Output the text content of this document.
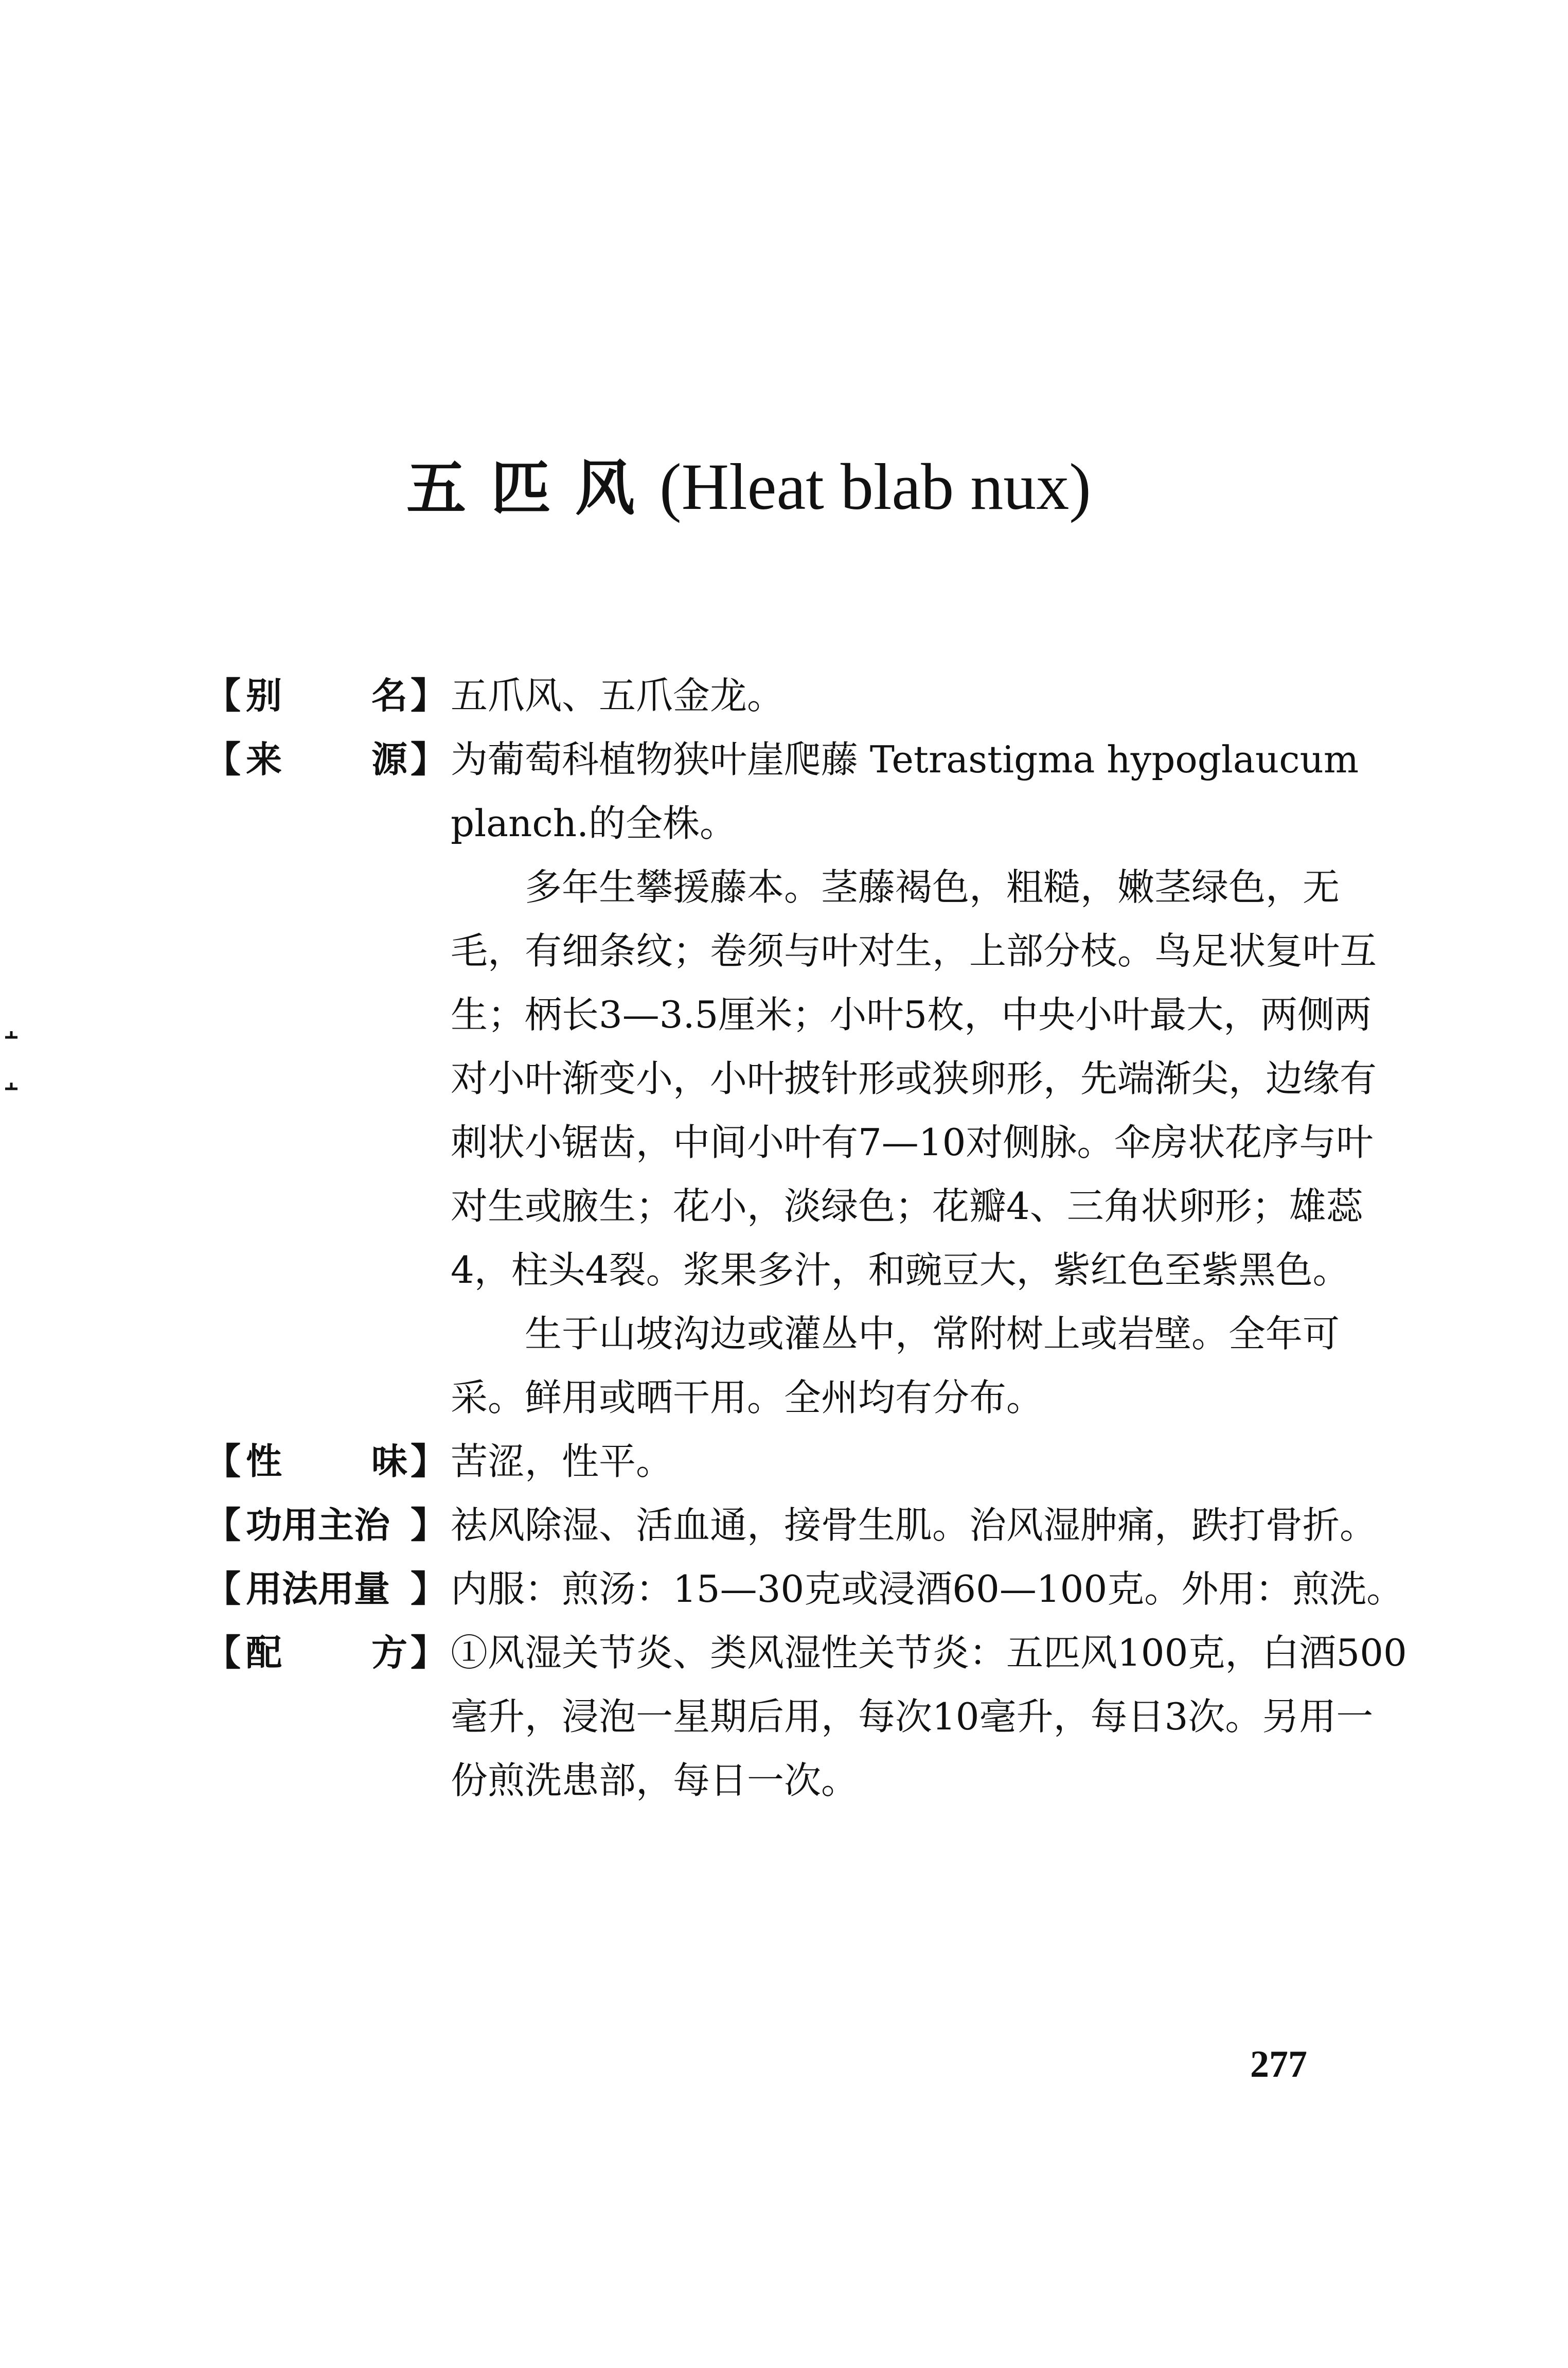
五匹风(Hleat blab nux)
【 别 名 】 五爪风、五爪金龙。

【 来 源 】 为葡萄科植物狭叶崖爬藤 Tetrastigma hypoglaucum planch.的全株。

多年生攀援藤本。茎藤褐色，粗糙，嫩茎绿色，无毛，有细条纹；卷须与叶对生，上部分枝。鸟足状复叶互生；柄长3—3.5厘米；小叶5枚，中央小叶最大，两侧两对小叶渐变小，小叶披针形或狭卵形，先端渐尖，边缘有刺状小锯齿，中间小叶有7—10对侧脉。伞房状花序与叶对生或腋生；花小，淡绿色；花瓣4、三角状卵形；雄蕊4，柱头4裂。浆果多汁，和豌豆大，紫红色至紫黑色。

生于山坡沟边或灌丛中，常附树上或岩壁。全年可采。鲜用或晒干用。全州均有分布。

【 性 味 】 苦涩，性平。

【 功用主治 】 祛风除湿、活血通，接骨生肌。治风湿肿痛，跌打骨折。

【 用法用量 】 内服：煎汤：15—30克或浸酒60—100克。外用：煎洗。

【 配 方 】 ①风湿关节炎、类风湿性关节炎：五匹风100克，白酒500毫升，浸泡一星期后用，每次10毫升，每日3次。另用一份煎洗患部，每日一次。

277
